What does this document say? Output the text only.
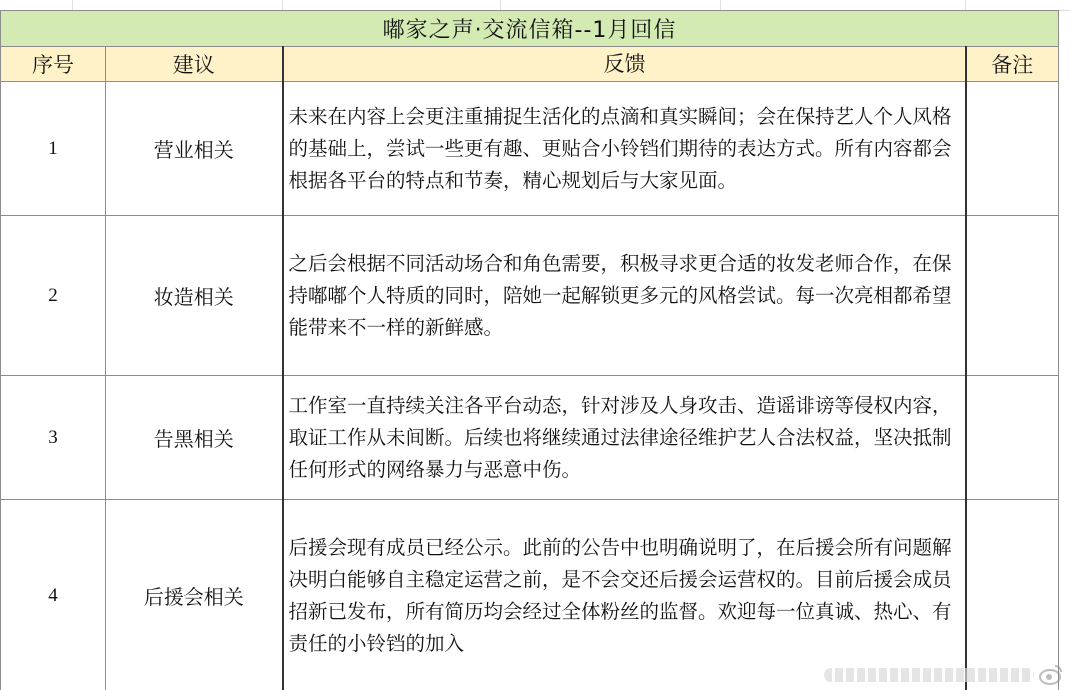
嘟家之声·交流信箱--1月回信			
序号	建议	反馈	备注
1	营业相关	未来在内容上会更注重捕捉生活化的点滴和真实瞬间；会在保持艺人个人风格的基础上，尝试一些更有趣、更贴合小铃铛们期待的表达方式。所有内容都会根据各平台的特点和节奏，精心规划后与大家见面。	
2	妆造相关	之后会根据不同活动场合和角色需要，积极寻求更合适的妆发老师合作，在保持嘟嘟个人特质的同时，陪她一起解锁更多元的风格尝试。每一次亮相都希望能带来不一样的新鲜感。	
3	告黑相关	工作室一直持续关注各平台动态，针对涉及人身攻击、造谣诽谤等侵权内容，取证工作从未间断。后续也将继续通过法律途径维护艺人合法权益，坚决抵制任何形式的网络暴力与恶意中伤。	
4	后援会相关	后援会现有成员已经公示。此前的公告中也明确说明了，在后援会所有问题解决明白能够自主稳定运营之前，是不会交还后援会运营权的。目前后援会成员招新已发布，所有简历均会经过全体粉丝的监督。欢迎每一位真诚、热心、有责任的小铃铛的加入	
